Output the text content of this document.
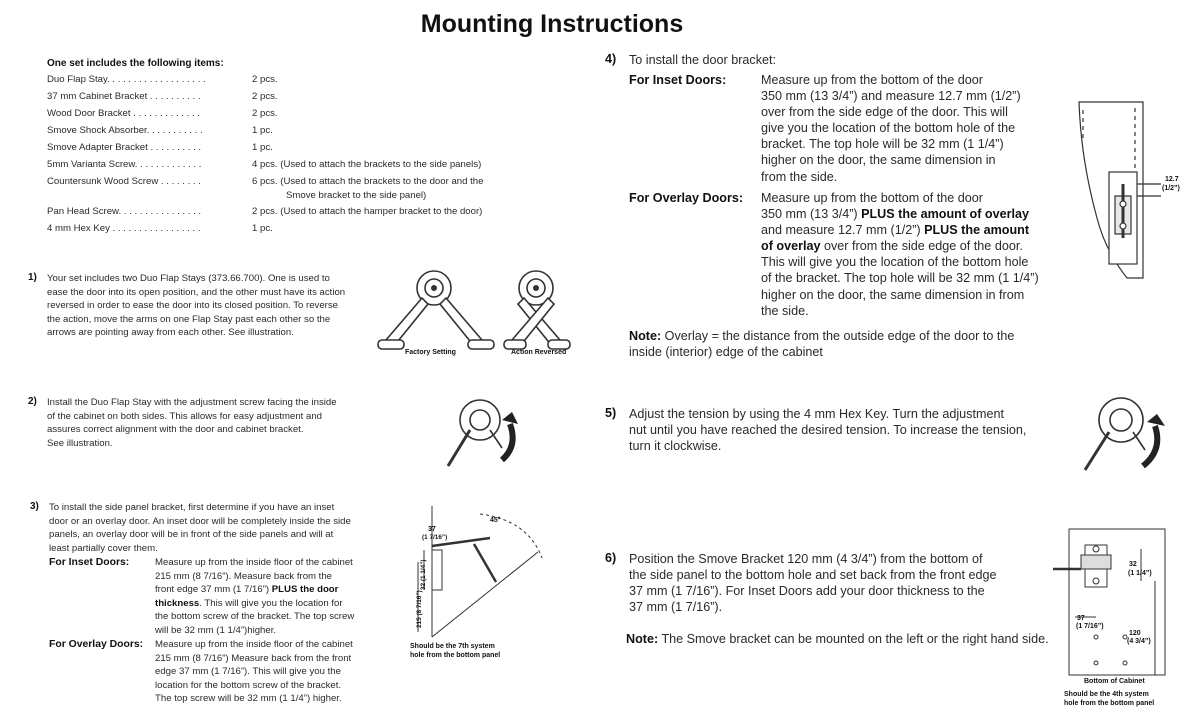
Mounting Instructions
One set includes the following items:
Duo Flap Stay. . . . . . . . . . . . . . . . . . .	2 pcs.
37 mm Cabinet Bracket . . . . . . . . . .	2 pcs.
Wood Door Bracket . . . . . . . . . . . . .	2 pcs.
Smove Shock Absorber. . . . . . . . . . .	1 pc.
Smove Adapter Bracket . . . . . . . . . .	1 pc.
5mm Varianta Screw. . . . . . . . . . . . .	4 pcs. (Used to attach the brackets to the side panels)
Countersunk Wood Screw . . . . . . . .	6 pcs. (Used to attach the brackets to the door and the
Smove bracket to the side panel)
Pan Head Screw. . . . . . . . . . . . . . . .	2 pcs. (Used to attach the hamper bracket to the door)
4 mm Hex Key . . . . . . . . . . . . . . . . .	1 pc.
1) Your set includes two Duo Flap Stays (373.66.700). One is used to
ease the door into its open position, and the other must have its action
reversed in order to ease the door into its closed position. To reverse
the action, move the arms on one Flap Stay past each other so the
arrows are pointing away from each other. See illustration.
Factory Setting	Action Reversed
2) Install the Duo Flap Stay with the adjustment screw facing the inside
of the cabinet on both sides. This allows for easy adjustment and
assures correct alignment with the door and cabinet bracket.
See illustration.
3) To install the side panel bracket, first determine if you have an inset
door or an overlay door. An inset door will be completely inside the side
panels, an overlay door will be in front of the side panels and will at
least partially cover them.
For Inset Doors:	Measure up from the inside floor of the cabinet
215 mm (8 7/16”). Measure back from the
front edge 37 mm (1 7/16”) PLUS the door
thickness. This will give you the location for
the bottom screw of the bracket. The top screw
will be 32 mm (1 1/4”)higher.
For Overlay Doors: Measure up from the inside floor of the cabinet
215 mm (8 7/16”) Measure back from the front
edge 37 mm (1 7/16”). This will give you the
location for the bottom screw of the bracket.
The top screw will be 32 mm (1 1/4”) higher.
37
(1 7/16”)
45°
32 (1 1/4”)
215 (8 7/16”)
Should be the 7th system
hole from the bottom panel
4) To install the door bracket:
For Inset Doors:	Measure up from the bottom of the door
350 mm (13 3/4”) and measure 12.7 mm (1/2”)
over from the side edge of the door. This will
give you the location of the bottom hole of the
bracket. The top hole will be 32 mm (1 1/4”)
higher on the door, the same dimension in
from the side.
For Overlay Doors: Measure up from the bottom of the door
350 mm (13 3/4”) PLUS the amount of overlay
and measure 12.7 mm (1/2”) PLUS the amount
of overlay over from the side edge of the door.
This will give you the location of the bottom hole
of the bracket. The top hole will be 32 mm (1 1/4”)
higher on the door, the same dimension in from
the side.
Note: Overlay = the distance from the outside edge of the door to the
inside (interior) edge of the cabinet
12.7
(1/2”)
5) Adjust the tension by using the 4 mm Hex Key. Turn the adjustment
nut until you have reached the desired tension. To increase the tension,
turn it clockwise.
6) Position the Smove Bracket 120 mm (4 3/4”) from the bottom of
the side panel to the bottom hole and set back from the front edge
37 mm (1 7/16”). For Inset Doors add your door thickness to the
37 mm (1 7/16”).
Note: The Smove bracket can be mounted on the left or the right hand side.
32
(1 1/4”)
37
(1 7/16”)
120
(4 3/4”)
Bottom of Cabinet
Should be the 4th system
hole from the bottom panel
